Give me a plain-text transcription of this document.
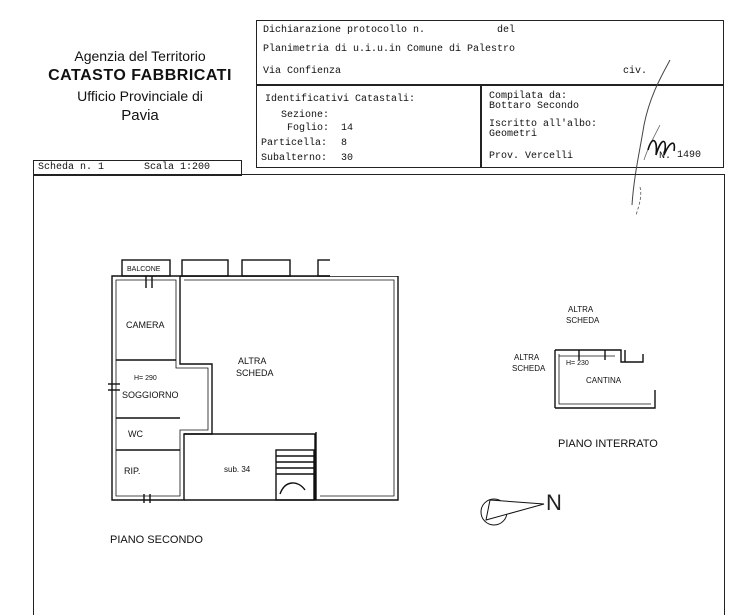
Agenzia del Territorio
CATASTO FABBRICATI
Ufficio Provinciale di
Pavia
Dichiarazione protocollo n.	del
Planimetria di u.i.u.in Comune di Palestro
Via Confienza	civ.
Identificativi Catastali:
Sezione:
Foglio: 14
Particella: 8
Subalterno: 30
Compilata da:
Bottaro Secondo
Iscritto all'albo:
Geometri
Prov. Vercelli	N. 1490
Scheda n. 1	Scala 1:200
BALCONE
CAMERA
H= 290
SOGGIORNO
WC
RIP.
ALTRA
SCHEDA
sub. 34
PIANO SECONDO
ALTRA
SCHEDA
ALTRA
SCHEDA
H= 230
CANTINA
PIANO INTERRATO
N
